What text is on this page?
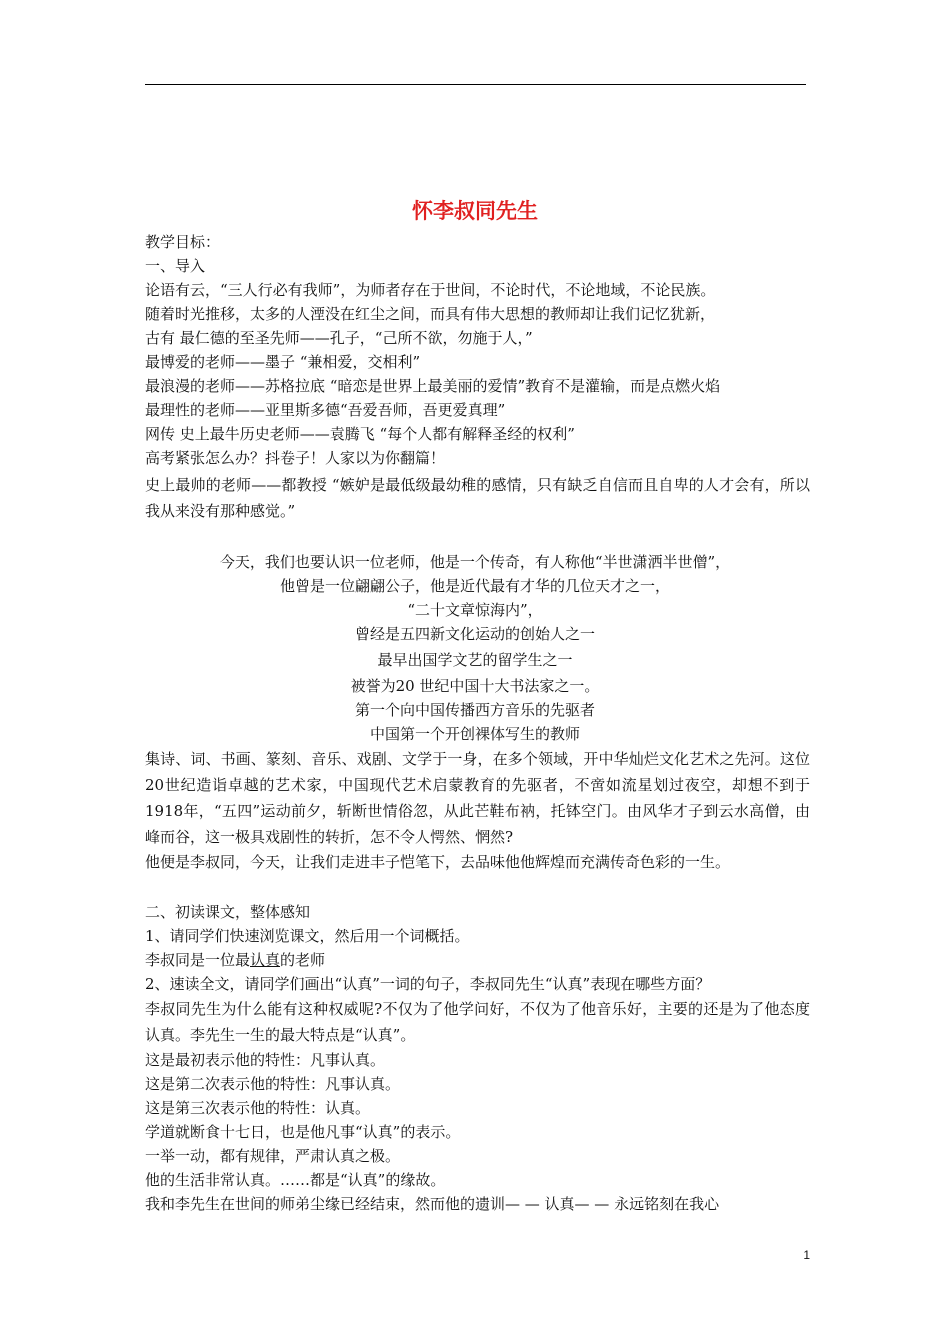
怀李叔同先生
教学目标：
一、导入
论语有云，“三人行必有我师”，为师者存在于世间，不论时代，不论地域，不论民族。
随着时光推移，太多的人湮没在红尘之间，而具有伟大思想的教师却让我们记忆犹新，
古有 最仁德的至圣先师——孔子，“己所不欲，勿施于人，”
最博爱的老师——墨子 “兼相爱，交相利”
最浪漫的老师——苏格拉底 “暗恋是世界上最美丽的爱情”教育不是灌输，而是点燃火焰
最理性的老师——亚里斯多德“吾爱吾师，吾更爱真理”
网传 史上最牛历史老师——袁腾飞 “每个人都有解释圣经的权利”
高考紧张怎么办？抖卷子！人家以为你翻篇！
史上最帅的老师——都教授 “嫉妒是最低级最幼稚的感情，只有缺乏自信而且自卑的人才会有，所以我从来没有那种感觉。”
今天，我们也要认识一位老师，他是一个传奇，有人称他“半世潇洒半世僧”，
他曾是一位翩翩公子，他是近代最有才华的几位天才之一，
“二十文章惊海内”，
曾经是五四新文化运动的创始人之一
最早出国学文艺的留学生之一
被誉为20 世纪中国十大书法家之一。
第一个向中国传播西方音乐的先驱者
中国第一个开创裸体写生的教师
集诗、词、书画、篆刻、音乐、戏剧、文学于一身，在多个领域，开中华灿烂文化艺术之先河。这位20世纪造诣卓越的艺术家，中国现代艺术启蒙教育的先驱者，不啻如流星划过夜空，却想不到于1918年，“五四”运动前夕，斩断世情俗忽，从此芒鞋布衲，托钵空门。由风华才子到云水高僧，由峰而谷，这一极具戏剧性的转折，怎不令人愕然、惘然?
他便是李叔同，今天，让我们走进丰子恺笔下，去品味他他辉煌而充满传奇色彩的一生。
二、初读课文，整体感知
1、请同学们快速浏览课文，然后用一个词概括。
李叔同是一位最认真的老师
2、速读全文，请同学们画出“认真”一词的句子，李叔同先生“认真”表现在哪些方面？
李叔同先生为什么能有这种权威呢?不仅为了他学问好，不仅为了他音乐好，主要的还是为了他态度认真。李先生一生的最大特点是“认真”。
这是最初表示他的特性：凡事认真。
这是第二次表示他的特性：凡事认真。
这是第三次表示他的特性：认真。
学道就断食十七日，也是他凡事“认真”的表示。
一举一动，都有规律，严肃认真之极。
他的生活非常认真。……都是“认真”的缘故。
我和李先生在世间的师弟尘缘已经结束，然而他的遗训— — 认真— — 永远铭刻在我心
1
